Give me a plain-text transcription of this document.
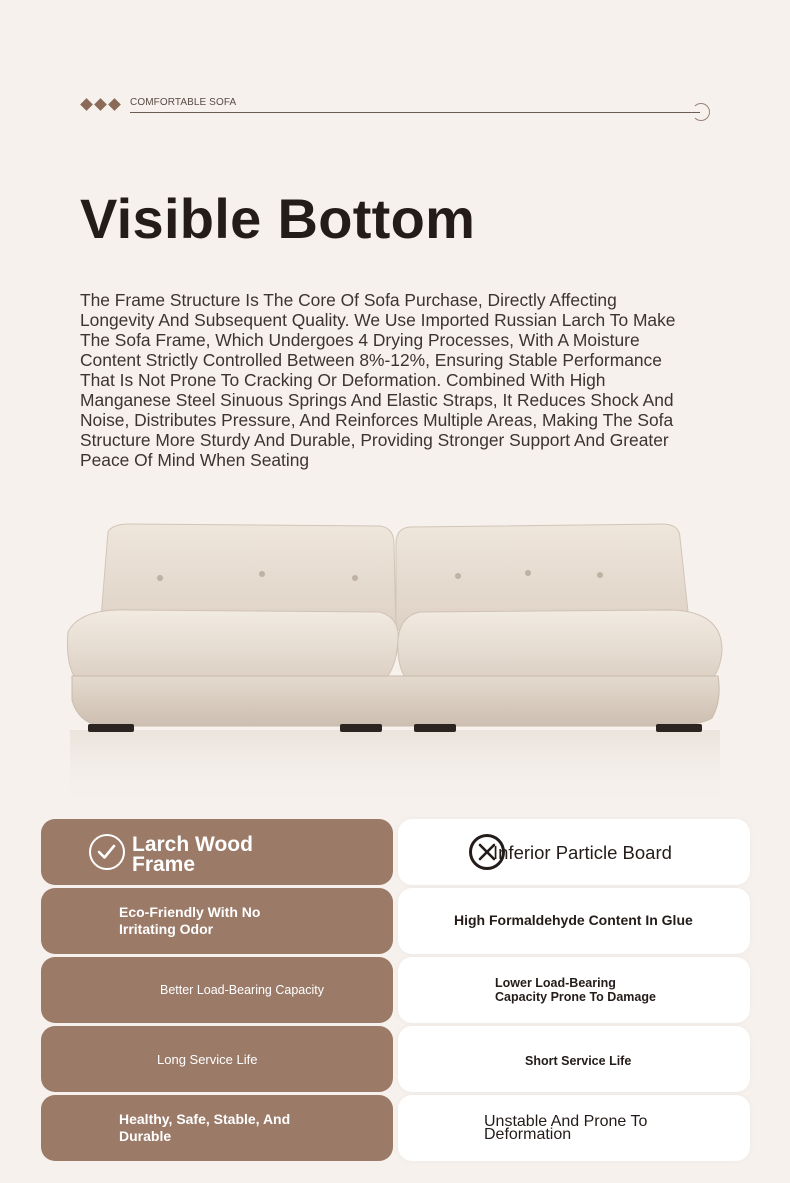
COMFORTABLE SOFA
Visible Bottom

The Frame Structure Is The Core Of Sofa Purchase, Directly Affecting Longevity And Subsequent Quality. We Use Imported Russian Larch To Make The Sofa Frame, Which Undergoes 4 Drying Processes, With A Moisture Content Strictly Controlled Between 8%-12%, Ensuring Stable Performance That Is Not Prone To Cracking Or Deformation. Combined With High Manganese Steel Sinuous Springs And Elastic Straps, It Reduces Shock And Noise, Distributes Pressure, And Reinforces Multiple Areas, Making The Sofa Structure More Sturdy And Durable, Providing Stronger Support And Greater Peace Of Mind When Seating

Larch Wood Frame
Eco-Friendly With No Irritating Odor
Better Load-Bearing Capacity
Long Service Life
Healthy, Safe, Stable, And Durable
Inferior Particle Board
High Formaldehyde Content In Glue
Lower Load-Bearing Capacity Prone To Damage
Short Service Life
Unstable And Prone To Deformation
